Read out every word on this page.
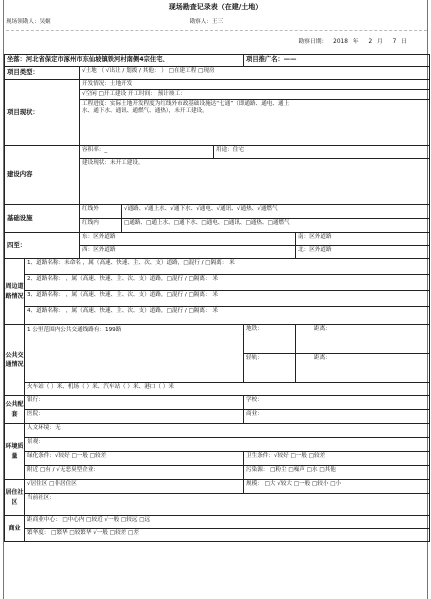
现场勘查记录表（在建/土地）
现场领勘人： 吴姬	勘察人： 王三
勘察日期： 2018 年 2 月 7 日
坐落：河北省保定市涿州市东仙坡镇铁河村南侧4宗住宅、					项目推广名：——	
项目类型：		√土地 （ √出让 / 划拨 / 其他： ） □在建工程 □现房				
项目现状：		开发情况：土地开发
√空闲 □开工建设 开工时间： 预计竣工：
工程进度：实际土地开发程度为红线外市政基础设施达“七通”（即通路、通电、通上
水、通下水、通讯、通燃气、通热），未开工建设。				

建设内容		容积率：_		用途：住宅		
		建设现状：未开工建设。				
基础设施		红线外	√通路、√通上水、√通下水、√通电、√通讯、√通热、√通燃气			
		红线内	□通路、□通上水、□通下水、□通电、□通讯、□通热、□通燃气			
四至：		东：区外道路				南：区外道路
		西：区外道路				北：区外道路
周边道路情况	1、道路名称：未命名 ，属（高速、快速、主、次、支）道路，□混行 / □隔离： 米					
	2、道路名称： ，属（高速、快速、主、次、支）道路，□混行 / □隔离： 米					
	3、道路名称： ，属（高速、快速、主、次、支）道路，□混行 / □隔离： 米					
	4、道路名称： ，属（高速、快速、主、次、支）道路，□混行 / □隔离： 米					
公共交通情况	1 公里范围内公共交通线路有：199路				地铁：	距离：
					轻轨：	距离：
	火车站（ ）米、机场（ ）米、汽车站（ ）米、港口（ ）米					
公共配套	银行：				学校：	
	医院：				商业：	
环境质量	人文环境：无					
	景观：					
	绿化条件：√较好 □一般 □较差				卫生条件：√较好 □一般 □较差	
	附近 □有 / √无恶臭型企业：				污染源： □粉尘 □噪声 □水 □其他	
居住社区	√居住区 □非居住区				规模： □大 √较大 □一般 □较小 □小	
	当前社区：					
商业	距商业中心： □中心内 □较近 √一般 □较远 □远					
	繁华度： □繁华 □较繁华 √一般 □较差 □差					
